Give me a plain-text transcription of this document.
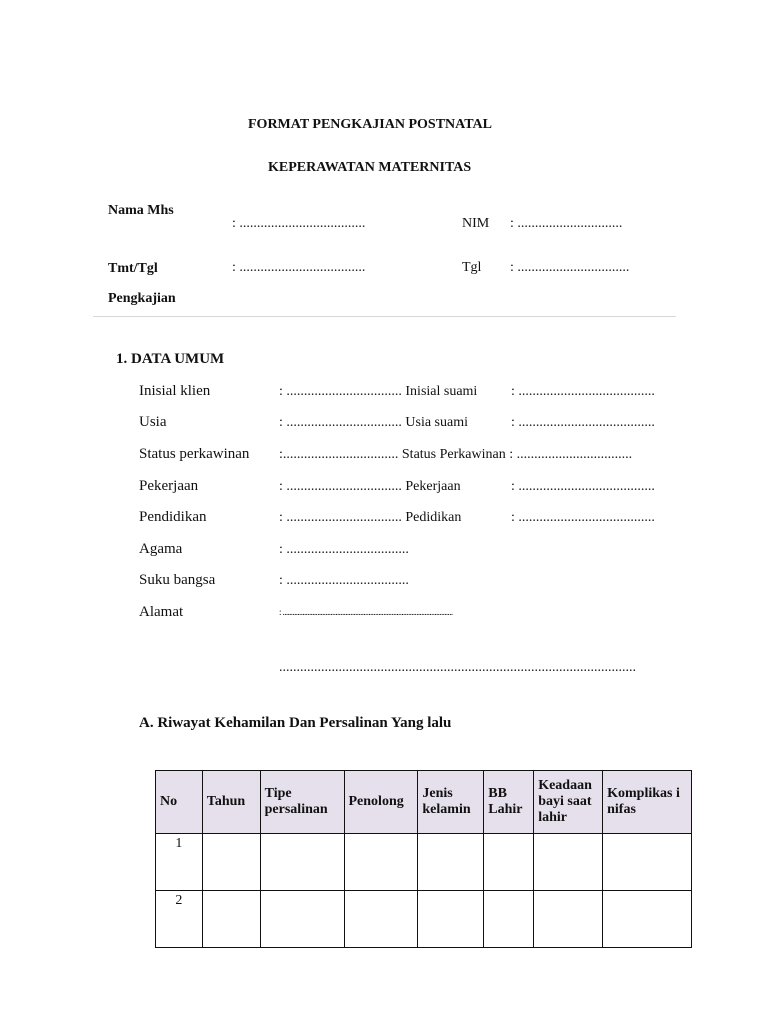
FORMAT PENGKAJIAN POSTNATAL
KEPERAWATAN MATERNITAS
Nama Mhs
: ....................................	NIM : ..............................
Tmt/Tgl	: ....................................	Tgl : ................................
Pengkajian
1. DATA UMUM
Inisial klien	: ................................. Inisial suami : .......................................
Usia	: ................................. Usia suami	: .......................................
Status perkawinan :................................. Status Perkawinan : .................................
Pekerjaan	: ................................. Pekerjaan	: .......................................
Pendidikan	: ................................. Pedidikan	: .......................................
Agama	: ...................................
Suku bangsa	: ...................................
Alamat	: .......................................................................................................
......................................................................................................
A. Riwayat Kehamilan Dan Persalinan Yang lalu
No	Tahun	Tipe persalinan	Penolong	Jenis kelamin	BB Lahir	Keadaan bayi saat lahir	Komplikas i nifas
1							
2							
